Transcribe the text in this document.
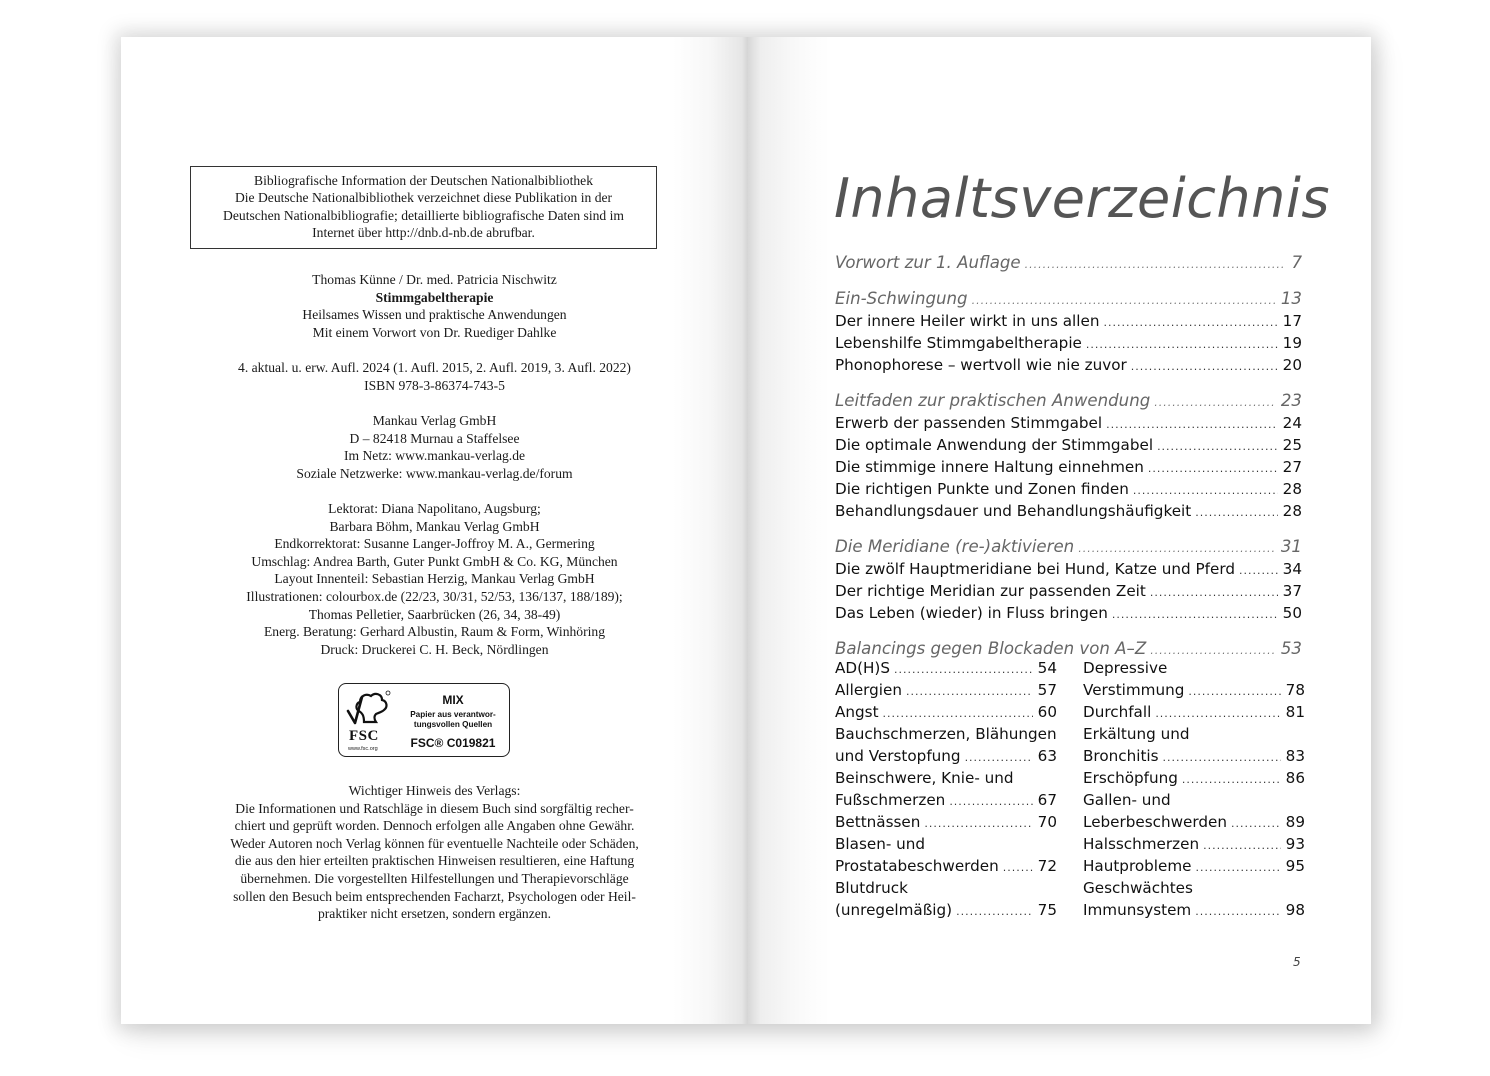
Bibliografische Information der Deutschen Nationalbibliothek
Die Deutsche Nationalbibliothek verzeichnet diese Publikation in der
Deutschen Nationalbibliografie; detaillierte bibliografische Daten sind im
Internet über http://dnb.d-nb.de abrufbar.
Thomas Künne / Dr. med. Patricia Nischwitz
Stimmgabeltherapie
Heilsames Wissen und praktische Anwendungen
Mit einem Vorwort von Dr. Ruediger Dahlke
4. aktual. u. erw. Aufl. 2024 (1. Aufl. 2015, 2. Aufl. 2019, 3. Aufl. 2022)
ISBN 978-3-86374-743-5
Mankau Verlag GmbH
D – 82418 Murnau a Staffelsee
Im Netz: www.mankau-verlag.de
Soziale Netzwerke: www.mankau-verlag.de/forum
Lektorat: Diana Napolitano, Augsburg;
Barbara Böhm, Mankau Verlag GmbH
Endkorrektorat: Susanne Langer-Joffroy M. A., Germering
Umschlag: Andrea Barth, Guter Punkt GmbH & Co. KG, München
Layout Innenteil: Sebastian Herzig, Mankau Verlag GmbH
Illustrationen: colourbox.de (22/23, 30/31, 52/53, 136/137, 188/189);
Thomas Pelletier, Saarbrücken (26, 34, 38-49)
Energ. Beratung: Gerhard Albustin, Raum & Form, Winhöring
Druck: Druckerei C. H. Beck, Nördlingen
FSC
www.fsc.org
MIX
Papier aus verantwor-
tungsvollen Quellen
FSC® C019821
Wichtiger Hinweis des Verlags:
Die Informationen und Ratschläge in diesem Buch sind sorgfältig recher-
chiert und geprüft worden. Dennoch erfolgen alle Angaben ohne Gewähr.
Weder Autoren noch Verlag können für eventuelle Nachteile oder Schäden,
die aus den hier erteilten praktischen Hinweisen resultieren, eine Haftung
übernehmen. Die vorgestellten Hilfestellungen und Therapievorschläge
sollen den Besuch beim entsprechenden Facharzt, Psychologen oder Heil-
praktiker nicht ersetzen, sondern ergänzen.
Inhaltsverzeichnis
Vorwort zur 1. Auflage .....	7
Ein-Schwingung .....	13
Der innere Heiler wirkt in uns allen .....	17
Lebenshilfe Stimmgabeltherapie .....	19
Phonophorese – wertvoll wie nie zuvor .....	20
Leitfaden zur praktischen Anwendung .....	23
Erwerb der passenden Stimmgabel .....	24
Die optimale Anwendung der Stimmgabel .....	25
Die stimmige innere Haltung einnehmen .....	27
Die richtigen Punkte und Zonen finden .....	28
Behandlungsdauer und Behandlungshäufigkeit .....	28
Die Meridiane (re-)aktivieren .....	31
Die zwölf Hauptmeridiane bei Hund, Katze und Pferd .....	34
Der richtige Meridian zur passenden Zeit .....	37
Das Leben (wieder) in Fluss bringen .....	50
Balancings gegen Blockaden von A–Z .....	53
AD(H)S .....	54
Allergien .....	57
Angst .....	60
Bauchschmerzen, Blähungen
und Verstopfung .....	63
Beinschwere, Knie- und
Fußschmerzen .....	67
Bettnässen .....	70
Blasen- und
Prostatabeschwerden .....	72
Blutdruck
(unregelmäßig) .....	75
Depressive
Verstimmung .....	78
Durchfall .....	81
Erkältung und
Bronchitis .....	83
Erschöpfung .....	86
Gallen- und
Leberbeschwerden .....	89
Halsschmerzen .....	93
Hautprobleme .....	95
Geschwächtes
Immunsystem .....	98
5
